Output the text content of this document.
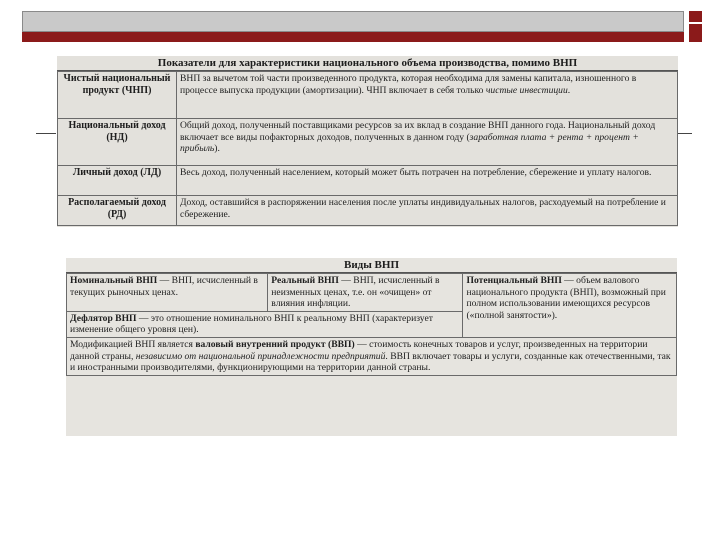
Показатели для характеристики национального объема производства, помимо ВНП
Чистый национальный продукт (ЧНП)	ВНП за вычетом той части произведенного продукта, которая необходима для замены капитала, изношенного в процессе выпуска продукции (амортизации). ЧНП включает в себя только чистые инвестиции.
Национальный доход (НД)	Общий доход, полученный поставщиками ресурсов за их вклад в создание ВНП данного года. Национальный доход включает все виды пофакторных доходов, полученных в данном году (заработная плата + рента + процент + прибыль).
Личный доход (ЛД)	Весь доход, полученный населением, который может быть потрачен на потребление, сбережение и уплату налогов.
Располагаемый доход (РД)	Доход, оставшийся в распоряжении населения после уплаты индивидуальных налогов, расходуемый на потребление и сбережение.
Виды ВНП
Номинальный ВНП — ВНП, исчисленный в текущих рыночных ценах.	Реальный ВНП — ВНП, исчисленный в неизменных ценах, т.е. он «очищен» от влияния инфляции.	Потенциальный ВНП — объем валового национального продукта (ВНП), возможный при полном использовании имеющихся ресурсов («полной занятости»).
Дефлятор ВНП — это отношение номинального ВНП к реальному ВНП (характеризует изменение общего уровня цен).
Модификацией ВНП является валовый внутренний продукт (ВВП) — стоимость конечных товаров и услуг, произведенных на территории данной страны, независимо от национальной принадлежности предприятий. ВВП включает товары и услуги, созданные как отечественными, так и иностранными производителями, функционирующими на территории данной страны.
